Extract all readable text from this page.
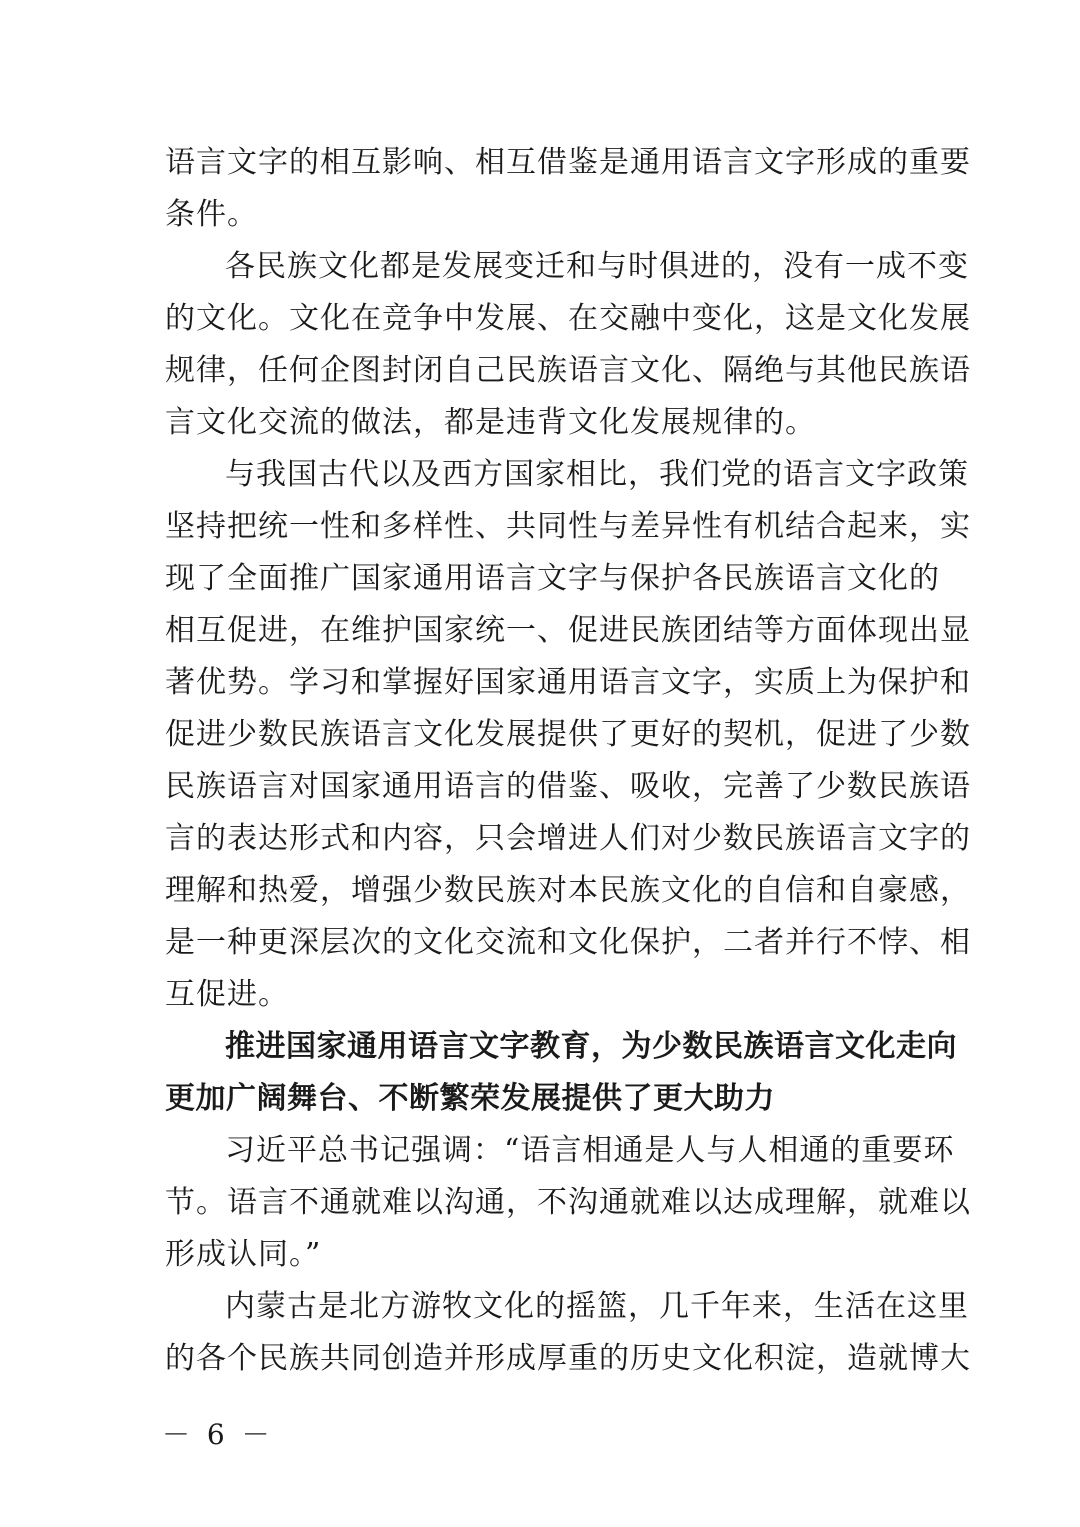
语言文字的相互影响、相互借鉴是通用语言文字形成的重要
条件。
各民族文化都是发展变迁和与时俱进的，没有一成不变
的文化。文化在竞争中发展、在交融中变化，这是文化发展
规律，任何企图封闭自己民族语言文化、隔绝与其他民族语
言文化交流的做法，都是违背文化发展规律的。
与我国古代以及西方国家相比，我们党的语言文字政策
坚持把统一性和多样性、共同性与差异性有机结合起来，实
现了全面推广国家通用语言文字与保护各民族语言文化的
相互促进，在维护国家统一、促进民族团结等方面体现出显
著优势。学习和掌握好国家通用语言文字，实质上为保护和
促进少数民族语言文化发展提供了更好的契机，促进了少数
民族语言对国家通用语言的借鉴、吸收，完善了少数民族语
言的表达形式和内容，只会增进人们对少数民族语言文字的
理解和热爱，增强少数民族对本民族文化的自信和自豪感，
是一种更深层次的文化交流和文化保护，二者并行不悖、相
互促进。
推进国家通用语言文字教育，为少数民族语言文化走向
更加广阔舞台、不断繁荣发展提供了更大助力
习近平总书记强调：“语言相通是人与人相通的重要环
节。语言不通就难以沟通，不沟通就难以达成理解，就难以
形成认同。”
内蒙古是北方游牧文化的摇篮，几千年来，生活在这里
的各个民族共同创造并形成厚重的历史文化积淀，造就博大
－ 6 －
